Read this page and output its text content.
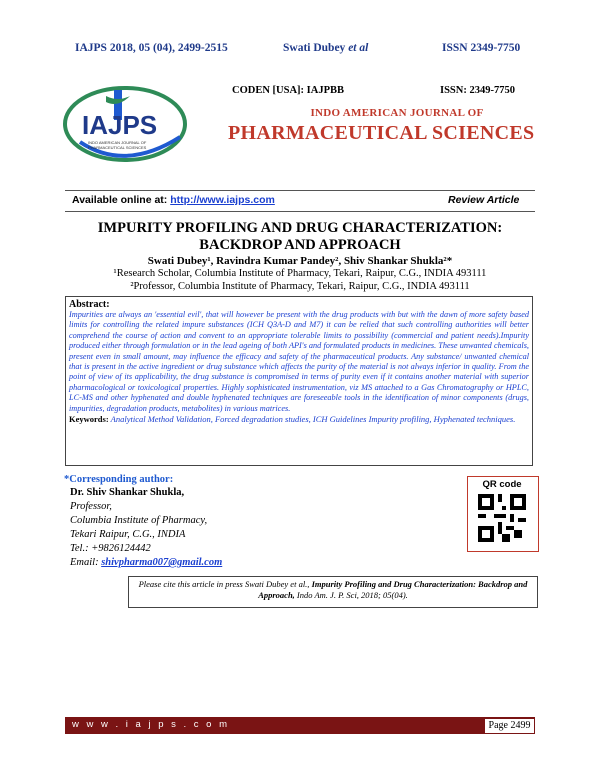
IAJPS 2018, 05 (04), 2499-2515	Swati Dubey et al	ISSN 2349-7750
IAJPS
INDO AMERICAN JOURNAL OF
PHARMACEUTICAL SCIENCES
CODEN [USA]: IAJPBB	ISSN: 2349-7750
INDO AMERICAN JOURNAL OF
PHARMACEUTICAL SCIENCES
Available online at: http://www.iajps.com	Review Article
IMPURITY PROFILING AND DRUG CHARACTERIZATION:
BACKDROP AND APPROACH
Swati Dubey¹, Ravindra Kumar Pandey², Shiv Shankar Shukla²*
¹Research Scholar, Columbia Institute of Pharmacy, Tekari, Raipur, C.G., INDIA 493111
²Professor, Columbia Institute of Pharmacy, Tekari, Raipur, C.G., INDIA 493111
Abstract:
Impurities are always an 'essential evil', that will however be present with the drug products with but with the dawn of more safety based limits for controlling the related impure substances (ICH Q3A-D and M7) it can be relied that such controlling authorities will better comprehend the course of action and convent to an appropriate tolerable limits to possibility (commercial and patient needs).Impurity produced either through formulation or in the lead ageing of both API's and formulated products in medicines. These unwanted chemicals, present even in small amount, may influence the efficacy and safety of the pharmaceutical products. Any substance/ unwanted chemical that is present in the active ingredient or drug substance which affects the purity of the material is not always inferior in quality. From the point of view of its applicability, the drug substance is compromised in terms of purity even if it contains another material with superior pharmacological or toxicological properties. Highly sophisticated instrumentation, viz MS attached to a Gas Chromatography or HPLC, LC-MS and other hyphenated and double hyphenated techniques are foreseeable tools in the identification of minor components (drugs, impurities, degradation products, metabolites) in various matrices.
Keywords: Analytical Method Validation, Forced degradation studies, ICH Guidelines Impurity profiling, Hyphenated techniques.
*Corresponding author:
Dr. Shiv Shankar Shukla,
Professor,
Columbia Institute of Pharmacy,
Tekari Raipur, C.G., INDIA
Tel.: +9826124442
Email: shivpharma007@gmail.com
QR code
Please cite this article in press Swati Dubey et al., Impurity Profiling and Drug Characterization: Backdrop and Approach, Indo Am. J. P. Sci, 2018; 05(04).
w w w . i a j p s . c o m	Page 2499
